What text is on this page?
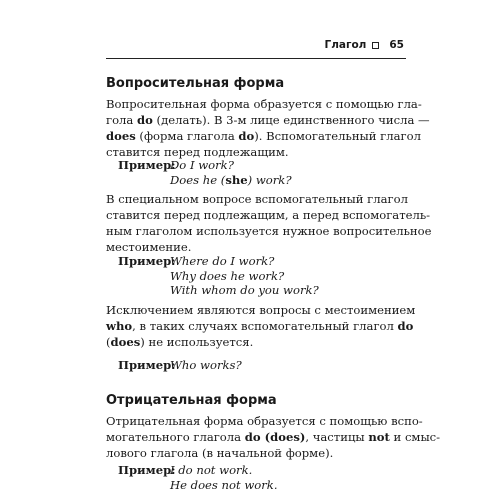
Глагол 65
Вопросительная форма

Вопросительная форма образуется с помощью гла-
гола do (делать). В 3-м лице единственного числа —
does (форма глагола do). Вспомогательный глагол
ставится перед подлежащим.

Пример:
Do I work?
Does he (she) work?

В специальном вопросе вспомогательный глагол
ставится перед подлежащим, а перед вспомогатель-
ным глаголом используется нужное вопросительное
местоимение.

Пример:
Where do I work?
Why does he work?
With whom do you work?

Исключением являются вопросы с местоимением
who, в таких случаях вспомогательный глагол do
(does) не используется.

Пример:
Who works?
Отрицательная форма

Отрицательная форма образуется с помощью вспо-
могательного глагола do (does), частицы not и смыс-
лового глагола (в начальной форме).

Пример:
I do not work.
He does not work.
